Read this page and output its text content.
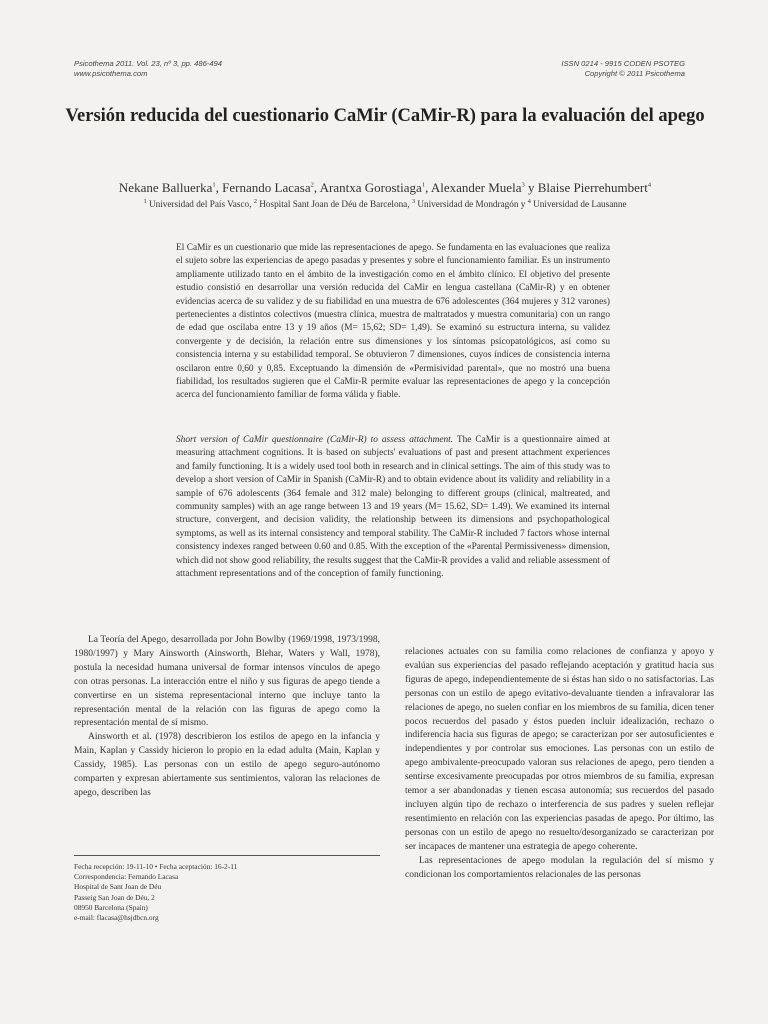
Psicothema 2011. Vol. 23, nº 3, pp. 486-494
www.psicothema.com
ISSN 0214 - 9915 CODEN PSOTEG
Copyright © 2011 Psicothema
Versión reducida del cuestionario CaMir (CaMir-R) para la evaluación del apego
Nekane Balluerka$^1$, Fernando Lacasa$^2$, Arantxa Gorostiaga$^1$, Alexander Muela$^3$ y Blaise Pierrehumbert$^4$
$^1$ Universidad del País Vasco, $^2$ Hospital Sant Joan de Déu de Barcelona, $^3$ Universidad de Mondragón y $^4$ Universidad de Lausanne
El CaMir es un cuestionario que mide las representaciones de apego. Se fundamenta en las evaluaciones que realiza el sujeto sobre las experiencias de apego pasadas y presentes y sobre el funcionamiento familiar. Es un instrumento ampliamente utilizado tanto en el ámbito de la investigación como en el ámbito clínico. El objetivo del presente estudio consistió en desarrollar una versión reducida del CaMir en lengua castellana (CaMir-R) y en obtener evidencias acerca de su validez y de su fiabilidad en una muestra de 676 adolescentes (364 mujeres y 312 varones) pertenecientes a distintos colectivos (muestra clínica, muestra de maltratados y muestra comunitaria) con un rango de edad que oscilaba entre 13 y 19 años (M= 15,62; SD= 1,49). Se examinó su estructura interna, su validez convergente y de decisión, la relación entre sus dimensiones y los síntomas psicopatológicos, así como su consistencia interna y su estabilidad temporal. Se obtuvieron 7 dimensiones, cuyos índices de consistencia interna oscilaron entre 0,60 y 0,85. Exceptuando la dimensión de «Permisividad parental», que no mostró una buena fiabilidad, los resultados sugieren que el CaMir-R permite evaluar las representaciones de apego y la concepción acerca del funcionamiento familiar de forma válida y fiable.
Short version of CaMir questionnaire (CaMir-R) to assess attachment. The CaMir is a questionnaire aimed at measuring attachment cognitions. It is based on subjects' evaluations of past and present attachment experiences and family functioning. It is a widely used tool both in research and in clinical settings. The aim of this study was to develop a short version of CaMir in Spanish (CaMir-R) and to obtain evidence about its validity and reliability in a sample of 676 adolescents (364 female and 312 male) belonging to different groups (clinical, maltreated, and community samples) with an age range between 13 and 19 years (M= 15.62, SD= 1.49). We examined its internal structure, convergent, and decision validity, the relationship between its dimensions and psychopathological symptoms, as well as its internal consistency and temporal stability. The CaMir-R included 7 factors whose internal consistency indexes ranged between 0.60 and 0.85. With the exception of the «Parental Permissiveness» dimension, which did not show good reliability, the results suggest that the CaMir-R provides a valid and reliable assessment of attachment representations and of the conception of family functioning.

La Teoría del Apego, desarrollada por John Bowlby (1969/1998, 1973/1998, 1980/1997) y Mary Ainsworth (Ainsworth, Blehar, Waters y Wall, 1978), postula la necesidad humana universal de formar intensos vínculos de apego con otras personas. La interacción entre el niño y sus figuras de apego tiende a convertirse en un sistema representacional interno que incluye tanto la representación mental de la relación con las figuras de apego como la representación mental de sí mismo.

Ainsworth et al. (1978) describieron los estilos de apego en la infancia y Main, Kaplan y Cassidy hicieron lo propio en la edad adulta (Main, Kaplan y Cassidy, 1985). Las personas con un estilo de apego seguro-autónomo comparten y expresan abiertamente sus sentimientos, valoran las relaciones de apego, describen las

Fecha recepción: 19-11-10 • Fecha aceptación: 16-2-11
Correspondencia: Fernando Lacasa
Hospital de Sant Joan de Déu
Passeig San Joan de Déu, 2
08950 Barcelona (Spain)
e-mail: flacasa@hsjdbcn.org

relaciones actuales con su familia como relaciones de confianza y apoyo y evalúan sus experiencias del pasado reflejando aceptación y gratitud hacia sus figuras de apego, independientemente de si éstas han sido o no satisfactorias. Las personas con un estilo de apego evitativo-devaluante tienden a infravalorar las relaciones de apego, no suelen confiar en los miembros de su familia, dicen tener pocos recuerdos del pasado y éstos pueden incluir idealización, rechazo o indiferencia hacia sus figuras de apego; se caracterizan por ser autosuficientes e independientes y por controlar sus emociones. Las personas con un estilo de apego ambivalente-preocupado valoran sus relaciones de apego, pero tienden a sentirse excesivamente preocupadas por otros miembros de su familia, expresan temor a ser abandonadas y tienen escasa autonomía; sus recuerdos del pasado incluyen algún tipo de rechazo o interferencia de sus padres y suelen reflejar resentimiento en relación con las experiencias pasadas de apego. Por último, las personas con un estilo de apego no resuelto/desorganizado se caracterizan por ser incapaces de mantener una estrategia de apego coherente.

Las representaciones de apego modulan la regulación del sí mismo y condicionan los comportamientos relacionales de las personas
